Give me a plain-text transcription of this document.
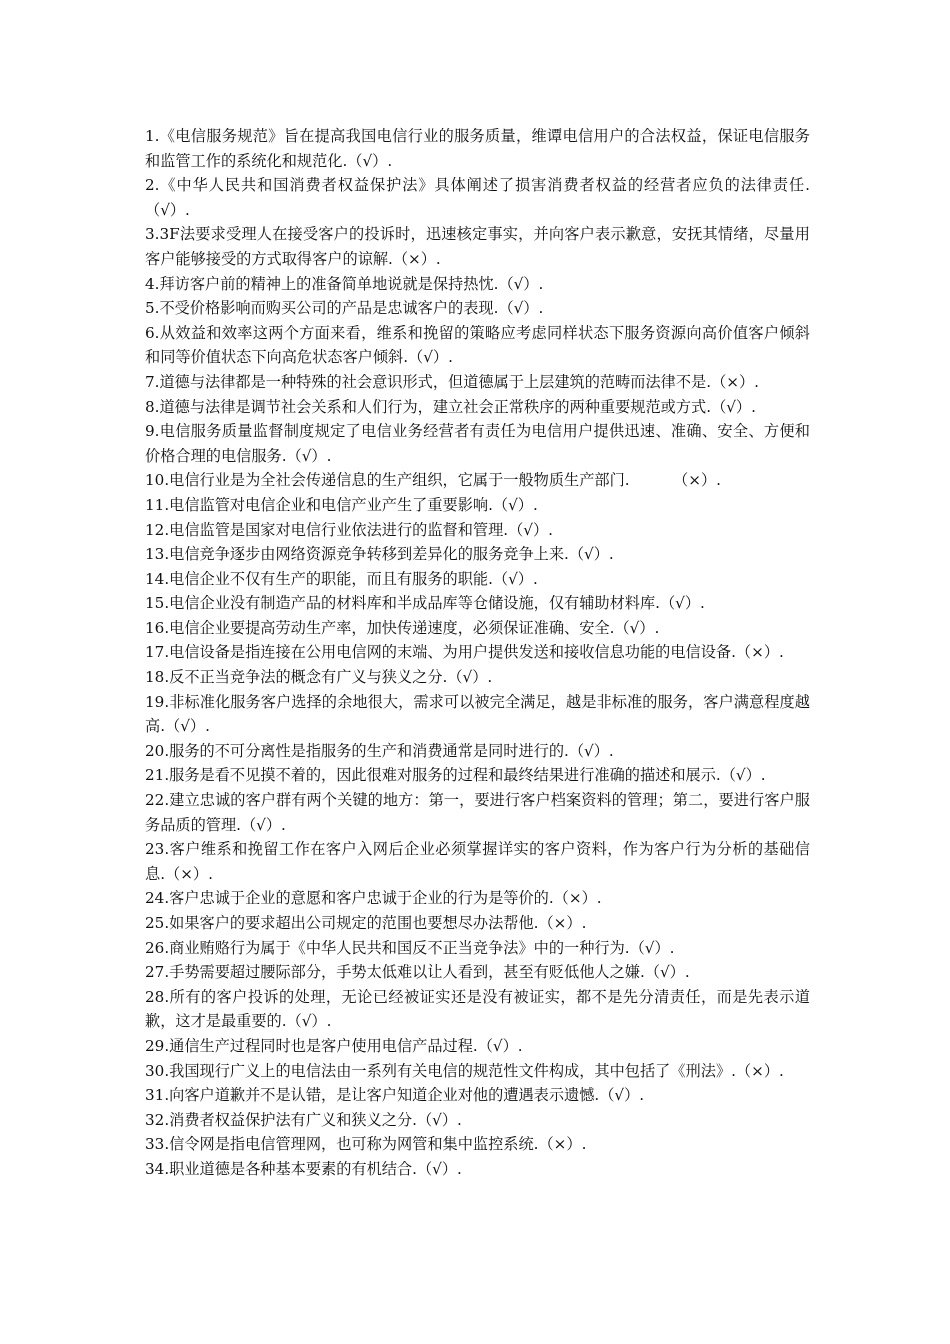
1.《电信服务规范》旨在提高我国电信行业的服务质量，维谭电信用户的合法权益，保证电信服务和监管工作的系统化和规范化.（√）.

2.《中华人民共和国消费者权益保护法》具体阐述了损害消费者权益的经营者应负的法律责任.（√）.

3.3F法要求受理人在接受客户的投诉时，迅速核定事实，并向客户表示歉意，安抚其情绪，尽量用客户能够接受的方式取得客户的谅解.（×）.

4.拜访客户前的精神上的准备简单地说就是保持热忱.（√）.

5.不受价格影响而购买公司的产品是忠诚客户的表现.（√）.

6.从效益和效率这两个方面来看，维系和挽留的策略应考虑同样状态下服务资源向高价值客户倾斜和同等价值状态下向高危状态客户倾斜.（√）.

7.道德与法律都是一种特殊的社会意识形式，但道德属于上层建筑的范畴而法律不是.（×）.

8.道德与法律是调节社会关系和人们行为，建立社会正常秩序的两种重要规范或方式.（√）.

9.电信服务质量监督制度规定了电信业务经营者有责任为电信用户提供迅速、准确、安全、方便和价格合理的电信服务.（√）.

10.电信行业是为全社会传递信息的生产组织，它属于一般物质生产部门.         （×）.

11.电信监管对电信企业和电信产业产生了重要影响.（√）.

12.电信监管是国家对电信行业依法进行的监督和管理.（√）.

13.电信竞争逐步由网络资源竞争转移到差异化的服务竞争上来.（√）.

14.电信企业不仅有生产的职能，而且有服务的职能.（√）.

15.电信企业没有制造产品的材料库和半成品库等仓储设施，仅有辅助材料库.（√）.

16.电信企业要提高劳动生产率，加快传递速度，必须保证准确、安全.（√）.

17.电信设备是指连接在公用电信网的末端、为用户提供发送和接收信息功能的电信设备.（×）.

18.反不正当竞争法的概念有广义与狭义之分.（√）.

19.非标准化服务客户选择的余地很大，需求可以被完全满足，越是非标准的服务，客户满意程度越高.（√）.

20.服务的不可分离性是指服务的生产和消费通常是同时进行的.（√）.

21.服务是看不见摸不着的，因此很难对服务的过程和最终结果进行准确的描述和展示.（√）.

22.建立忠诚的客户群有两个关键的地方：第一，要进行客户档案资料的管理；第二，要进行客户服务品质的管理.（√）.

23.客户维系和挽留工作在客户入网后企业必须掌握详实的客户资料，作为客户行为分析的基础信息.（×）.

24.客户忠诚于企业的意愿和客户忠诚于企业的行为是等价的.（×）.

25.如果客户的要求超出公司规定的范围也要想尽办法帮他.（×）.

26.商业贿赂行为属于《中华人民共和国反不正当竞争法》中的一种行为.（√）.

27.手势需要超过腰际部分，手势太低难以让人看到，甚至有贬低他人之嫌.（√）.

28.所有的客户投诉的处理，无论已经被证实还是没有被证实，都不是先分清责任，而是先表示道歉，这才是最重要的.（√）.

29.通信生产过程同时也是客户使用电信产品过程.（√）.

30.我国现行广义上的电信法由一系列有关电信的规范性文件构成，其中包括了《刑法》.（×）.

31.向客户道歉并不是认错，是让客户知道企业对他的遭遇表示遗憾.（√）.

32.消费者权益保护法有广义和狭义之分.（√）.

33.信令网是指电信管理网，也可称为网管和集中监控系统.（×）.

34.职业道德是各种基本要素的有机结合.（√）.
